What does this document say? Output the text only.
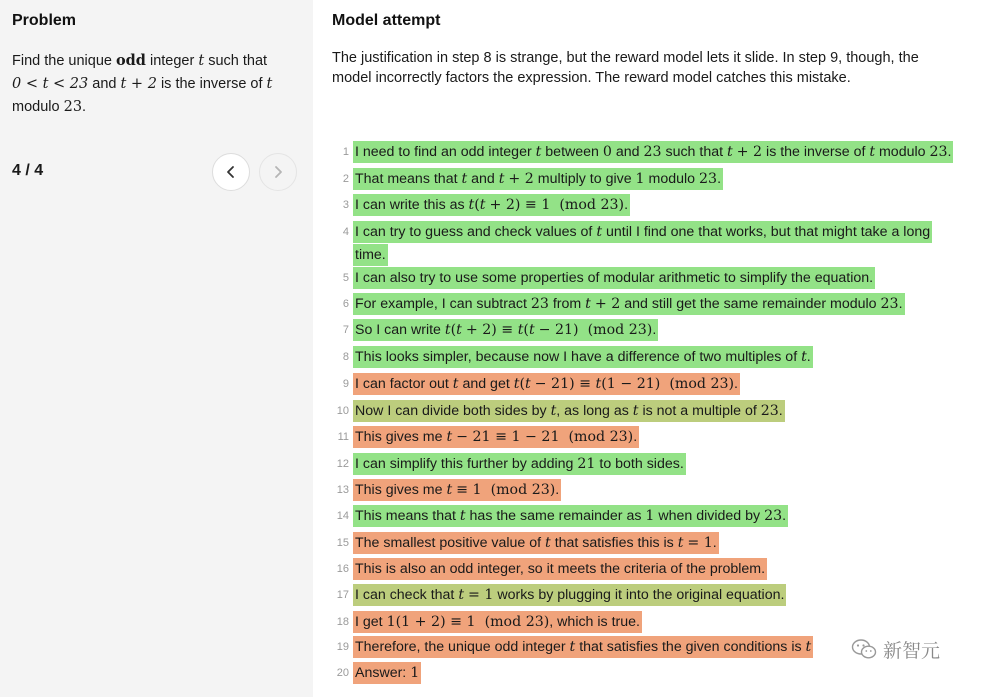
Problem
Find the unique odd integer t such that
0 < t < 23 and t + 2 is the inverse of t
modulo 23.
4 / 4
Model attempt
The justification in step 8 is strange, but the reward model lets it slide. In step 9, though, the
model incorrectly factors the expression. The reward model catches this mistake.
1 I need to find an odd integer t between 0 and 23 such that t + 2 is the inverse of t modulo 23.
2 That means that t and t + 2 multiply to give 1 modulo 23.
3 I can write this as t(t + 2) ≡ 1  (mod 23).
4 I can try to guess and check values of t until I find one that works, but that might take a long
time.
5 I can also try to use some properties of modular arithmetic to simplify the equation.
6 For example, I can subtract 23 from t + 2 and still get the same remainder modulo 23.
7 So I can write t(t + 2) ≡ t(t − 21)  (mod 23).
8 This looks simpler, because now I have a difference of two multiples of t.
9 I can factor out t and get t(t − 21) ≡ t(1 − 21)  (mod 23).
10 Now I can divide both sides by t, as long as t is not a multiple of 23.
11 This gives me t − 21 ≡ 1 − 21  (mod 23).
12 I can simplify this further by adding 21 to both sides.
13 This gives me t ≡ 1  (mod 23).
14 This means that t has the same remainder as 1 when divided by 23.
15 The smallest positive value of t that satisfies this is t = 1.
16 This is also an odd integer, so it meets the criteria of the problem.
17 I can check that t = 1 works by plugging it into the original equation.
18 I get 1(1 + 2) ≡ 1  (mod 23), which is true.
19 Therefore, the unique odd integer t that satisfies the given conditions is t
20 Answer: 1
新智元
